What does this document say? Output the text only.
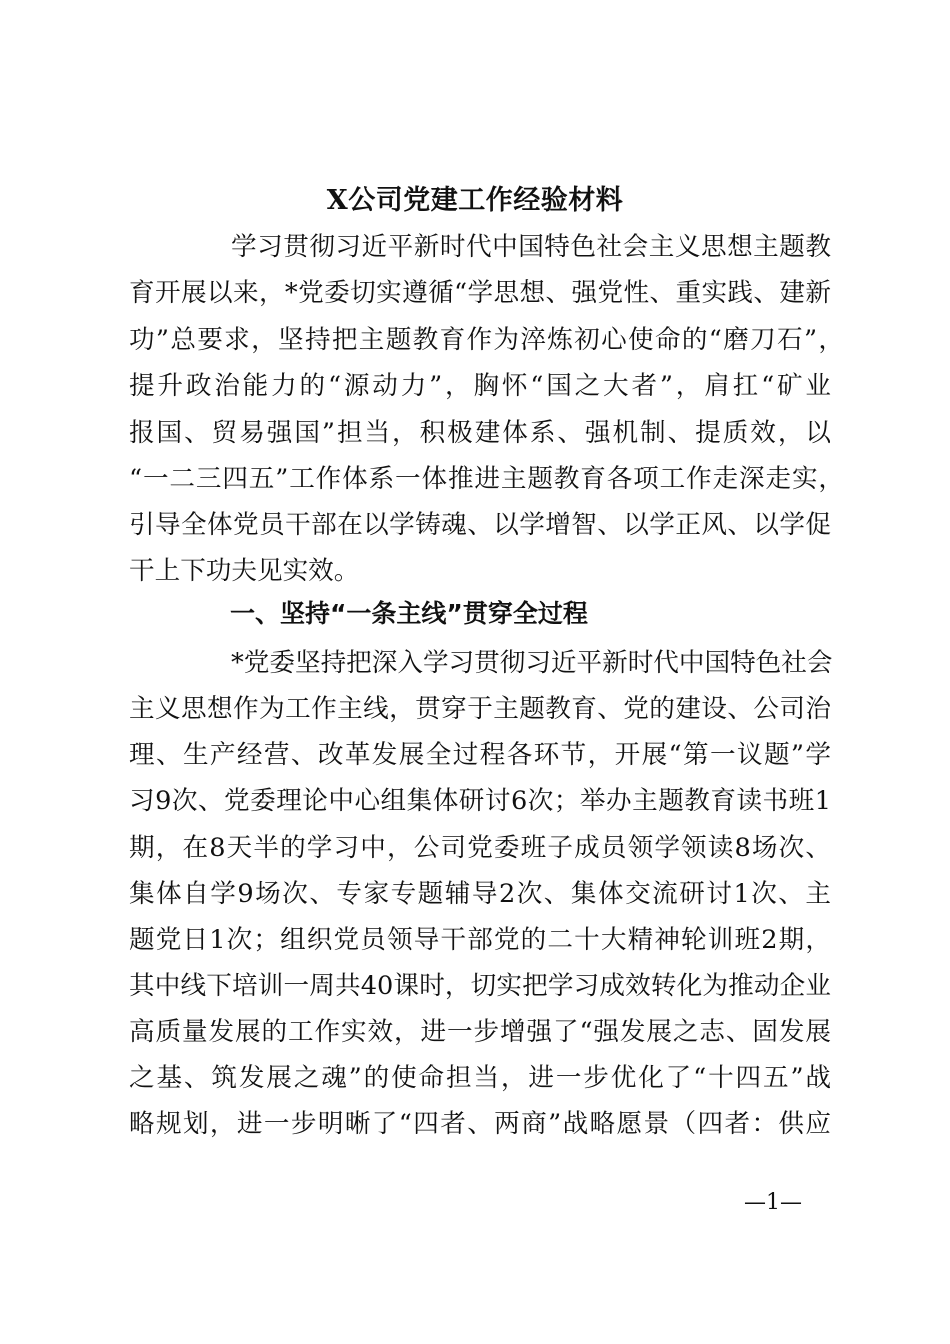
X公司党建工作经验材料
学习贯彻习近平新时代中国特色社会主义思想主题教
育开展以来，*党委切实遵循“学思想、强党性、重实践、建新
功”总要求，坚持把主题教育作为淬炼初心使命的“磨刀石”，
提升政治能力的“源动力”，胸怀“国之大者”，肩扛“矿业
报国、贸易强国”担当，积极建体系、强机制、提质效，以
“一二三四五”工作体系一体推进主题教育各项工作走深走实，
引导全体党员干部在以学铸魂、以学增智、以学正风、以学促
干上下功夫见实效。
一、坚持“一条主线”贯穿全过程
*党委坚持把深入学习贯彻习近平新时代中国特色社会
主义思想作为工作主线，贯穿于主题教育、党的建设、公司治
理、生产经营、改革发展全过程各环节，开展“第一议题”学
习9次、党委理论中心组集体研讨6次；举办主题教育读书班1
期，在8天半的学习中，公司党委班子成员领学领读8场次、
集体自学9场次、专家专题辅导2次、集体交流研讨1次、主
题党日1次；组织党员领导干部党的二十大精神轮训班2期，
其中线下培训一周共40课时，切实把学习成效转化为推动企业
高质量发展的工作实效，进一步增强了“强发展之志、固发展
之基、筑发展之魂”的使命担当，进一步优化了“十四五”战
略规划，进一步明晰了“四者、两商”战略愿景（四者：供应
—1—
